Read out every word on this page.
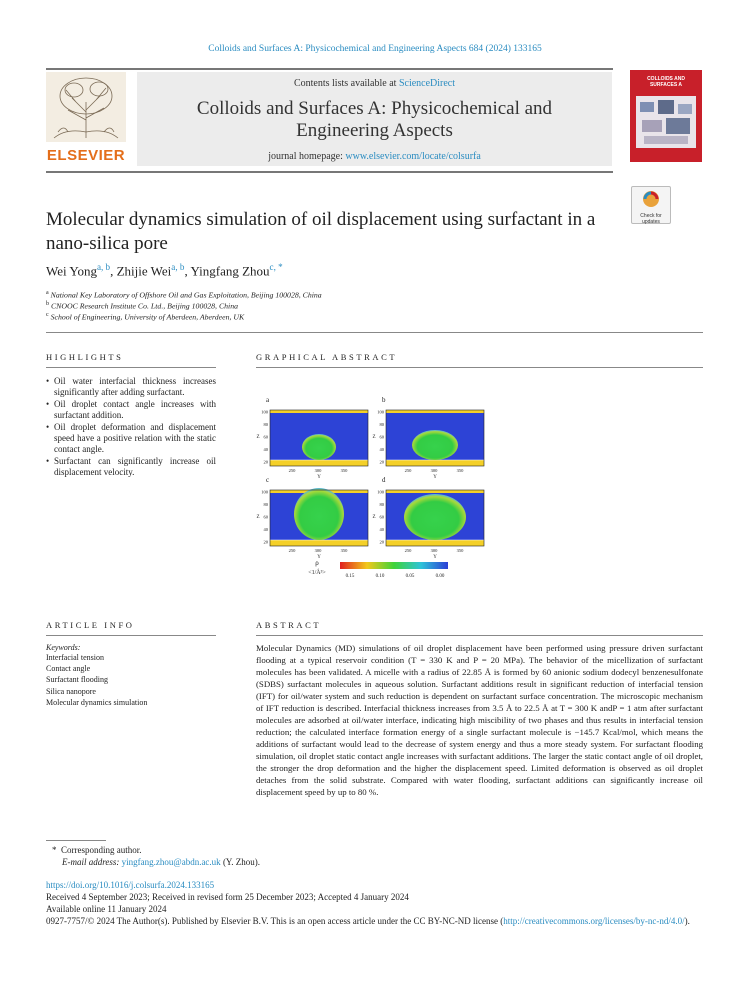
Colloids and Surfaces A: Physicochemical and Engineering Aspects 684 (2024) 133165
ELSEVIER
Contents lists available at ScienceDirect
Colloids and Surfaces A: Physicochemical and
Engineering Aspects
journal homepage: www.elsevier.com/locate/colsurfa
COLLOIDS AND
SURFACES A
Check for
updates
Molecular dynamics simulation of oil displacement using surfactant in a
nano-silica pore
Wei Yong$^{a, b}$, Zhijie Wei$^{a, b}$, Yingfang Zhou$^{c, *}$
$^a$ National Key Laboratory of Offshore Oil and Gas Exploitation, Beijing 100028, China
$^b$ CNOOC Research Institute Co. Ltd., Beijing 100028, China
$^c$ School of Engineering, University of Aberdeen, Aberdeen, UK
HIGHLIGHTS
• Oil water interfacial thickness increases significantly after adding surfactant.
• Oil droplet contact angle increases with surfactant addition.
• Oil droplet deformation and displacement speed have a positive relation with the static contact angle.
• Surfactant can significantly increase oil displacement velocity.
GRAPHICAL ABSTRACT
a
100
80
60
40
20
250	300	350
Y
Z
b
100
80
60
40
20
250	300	350
Y
Z
c
100
80
60
40
20
250	300	350
Y
Z
d
100
80
60
40
20
250	300	350
Y
Z
ρ
<1/Å³>
0.15	0.10	0.05	0.00
ARTICLE INFO
Keywords:
Interfacial tension
Contact angle
Surfactant flooding
Silica nanopore
Molecular dynamics simulation
ABSTRACT
Molecular Dynamics (MD) simulations of oil droplet displacement have been performed using pressure driven surfactant flooding at a typical reservoir condition (T = 330 K and P = 20 MPa). The behavior of the micellization of surfactant molecules has been validated. A micelle with a radius of 22.85 Å is formed by 60 anionic sodium dodecyl benzenesulfonate (SDBS) surfactant molecules in aqueous solution. Surfactant additions result in significant reduction of interfacial tension (IFT) for oil/water system and such reduction is dependent on surfactant surface concentration. The microscopic mechanism of IFT reduction is described. Interfacial thickness increases from 3.5 Å to 22.5 Å at T = 300 K andP = 1 atm after surfactant molecules are adsorbed at oil/water interface, indicating high miscibility of two phases and thus results in interfacial tension reduction; the calculated interface formation energy of a single surfactant molecule is −145.7 Kcal/mol, which means the additions of surfactant would lead to the decrease of system energy and thus a more steady system. For surfactant flooding simulation, oil droplet static contact angle increases with surfactant additions. The larger the static contact angle of oil droplet, the stronger the drop deformation and the higher the displacement speed. Limited deformation is observed as oil droplet detaches from the solid substrate. Compared with water flooding, surfactant additions can significantly increase oil displacement speed by up to 80 %.
* Corresponding author.
E-mail address: yingfang.zhou@abdn.ac.uk (Y. Zhou).
https://doi.org/10.1016/j.colsurfa.2024.133165
Received 4 September 2023; Received in revised form 25 December 2023; Accepted 4 January 2024
Available online 11 January 2024
0927-7757/© 2024 The Author(s). Published by Elsevier B.V. This is an open access article under the CC BY-NC-ND license (http://creativecommons.org/licenses/by-nc-nd/4.0/).
